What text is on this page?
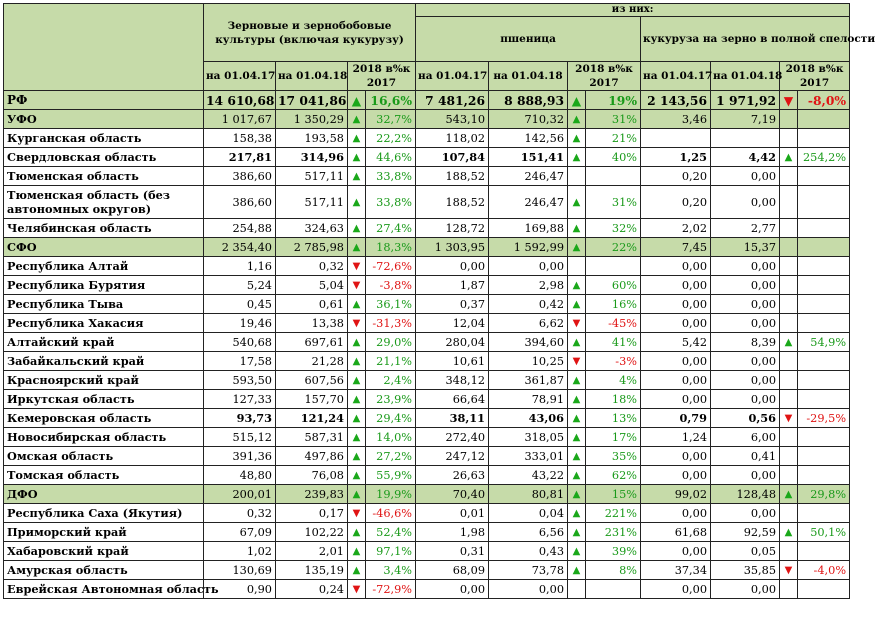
	Зерновые и зернобобовые культуры (включая кукурузу)				из них:							
					пшеница				кукуруза на зерно в полной спелости			
	на 01.04.17	на 01.04.18	2018 в%к 2017		на 01.04.17	на 01.04.18	2018 в%к 2017		на 01.04.17	на 01.04.18	2018 в%к 2017	
РФ	14 610,68	17 041,86	▲	16,6%	7 481,26	8 888,93	▲	19%	2 143,56	1 971,92	▼	-8,0%
УФО	1 017,67	1 350,29	▲	32,7%	543,10	710,32	▲	31%	3,46	7,19		
Курганская область	158,38	193,58	▲	22,2%	118,02	142,56	▲	21%				
Свердловская область	217,81	314,96	▲	44,6%	107,84	151,41	▲	40%	1,25	4,42	▲	254,2%
Тюменская область	386,60	517,11	▲	33,8%	188,52	246,47			0,20	0,00		
Тюменская область (без автономных округов)	386,60	517,11	▲	33,8%	188,52	246,47	▲	31%	0,20	0,00		
Челябинская область	254,88	324,63	▲	27,4%	128,72	169,88	▲	32%	2,02	2,77		
СФО	2 354,40	2 785,98	▲	18,3%	1 303,95	1 592,99	▲	22%	7,45	15,37		
Республика Алтай	1,16	0,32	▼	-72,6%	0,00	0,00			0,00	0,00		
Республика Бурятия	5,24	5,04	▼	-3,8%	1,87	2,98	▲	60%	0,00	0,00		
Республика Тыва	0,45	0,61	▲	36,1%	0,37	0,42	▲	16%	0,00	0,00		
Республика Хакасия	19,46	13,38	▼	-31,3%	12,04	6,62	▼	-45%	0,00	0,00		
Алтайский край	540,68	697,61	▲	29,0%	280,04	394,60	▲	41%	5,42	8,39	▲	54,9%
Забайкальский край	17,58	21,28	▲	21,1%	10,61	10,25	▼	-3%	0,00	0,00		
Красноярский край	593,50	607,56	▲	2,4%	348,12	361,87	▲	4%	0,00	0,00		
Иркутская область	127,33	157,70	▲	23,9%	66,64	78,91	▲	18%	0,00	0,00		
Кемеровская область	93,73	121,24	▲	29,4%	38,11	43,06	▲	13%	0,79	0,56	▼	-29,5%
Новосибирская область	515,12	587,31	▲	14,0%	272,40	318,05	▲	17%	1,24	6,00		
Омская область	391,36	497,86	▲	27,2%	247,12	333,01	▲	35%	0,00	0,41		
Томская область	48,80	76,08	▲	55,9%	26,63	43,22	▲	62%	0,00	0,00		
ДФО	200,01	239,83	▲	19,9%	70,40	80,81	▲	15%	99,02	128,48	▲	29,8%
Республика Саха (Якутия)	0,32	0,17	▼	-46,6%	0,01	0,04	▲	221%	0,00	0,00		
Приморский край	67,09	102,22	▲	52,4%	1,98	6,56	▲	231%	61,68	92,59	▲	50,1%
Хабаровский край	1,02	2,01	▲	97,1%	0,31	0,43	▲	39%	0,00	0,05		
Амурская область	130,69	135,19	▲	3,4%	68,09	73,78	▲	8%	37,34	35,85	▼	-4,0%
Еврейская Автономная область	0,90	0,24	▼	-72,9%	0,00	0,00			0,00	0,00		
